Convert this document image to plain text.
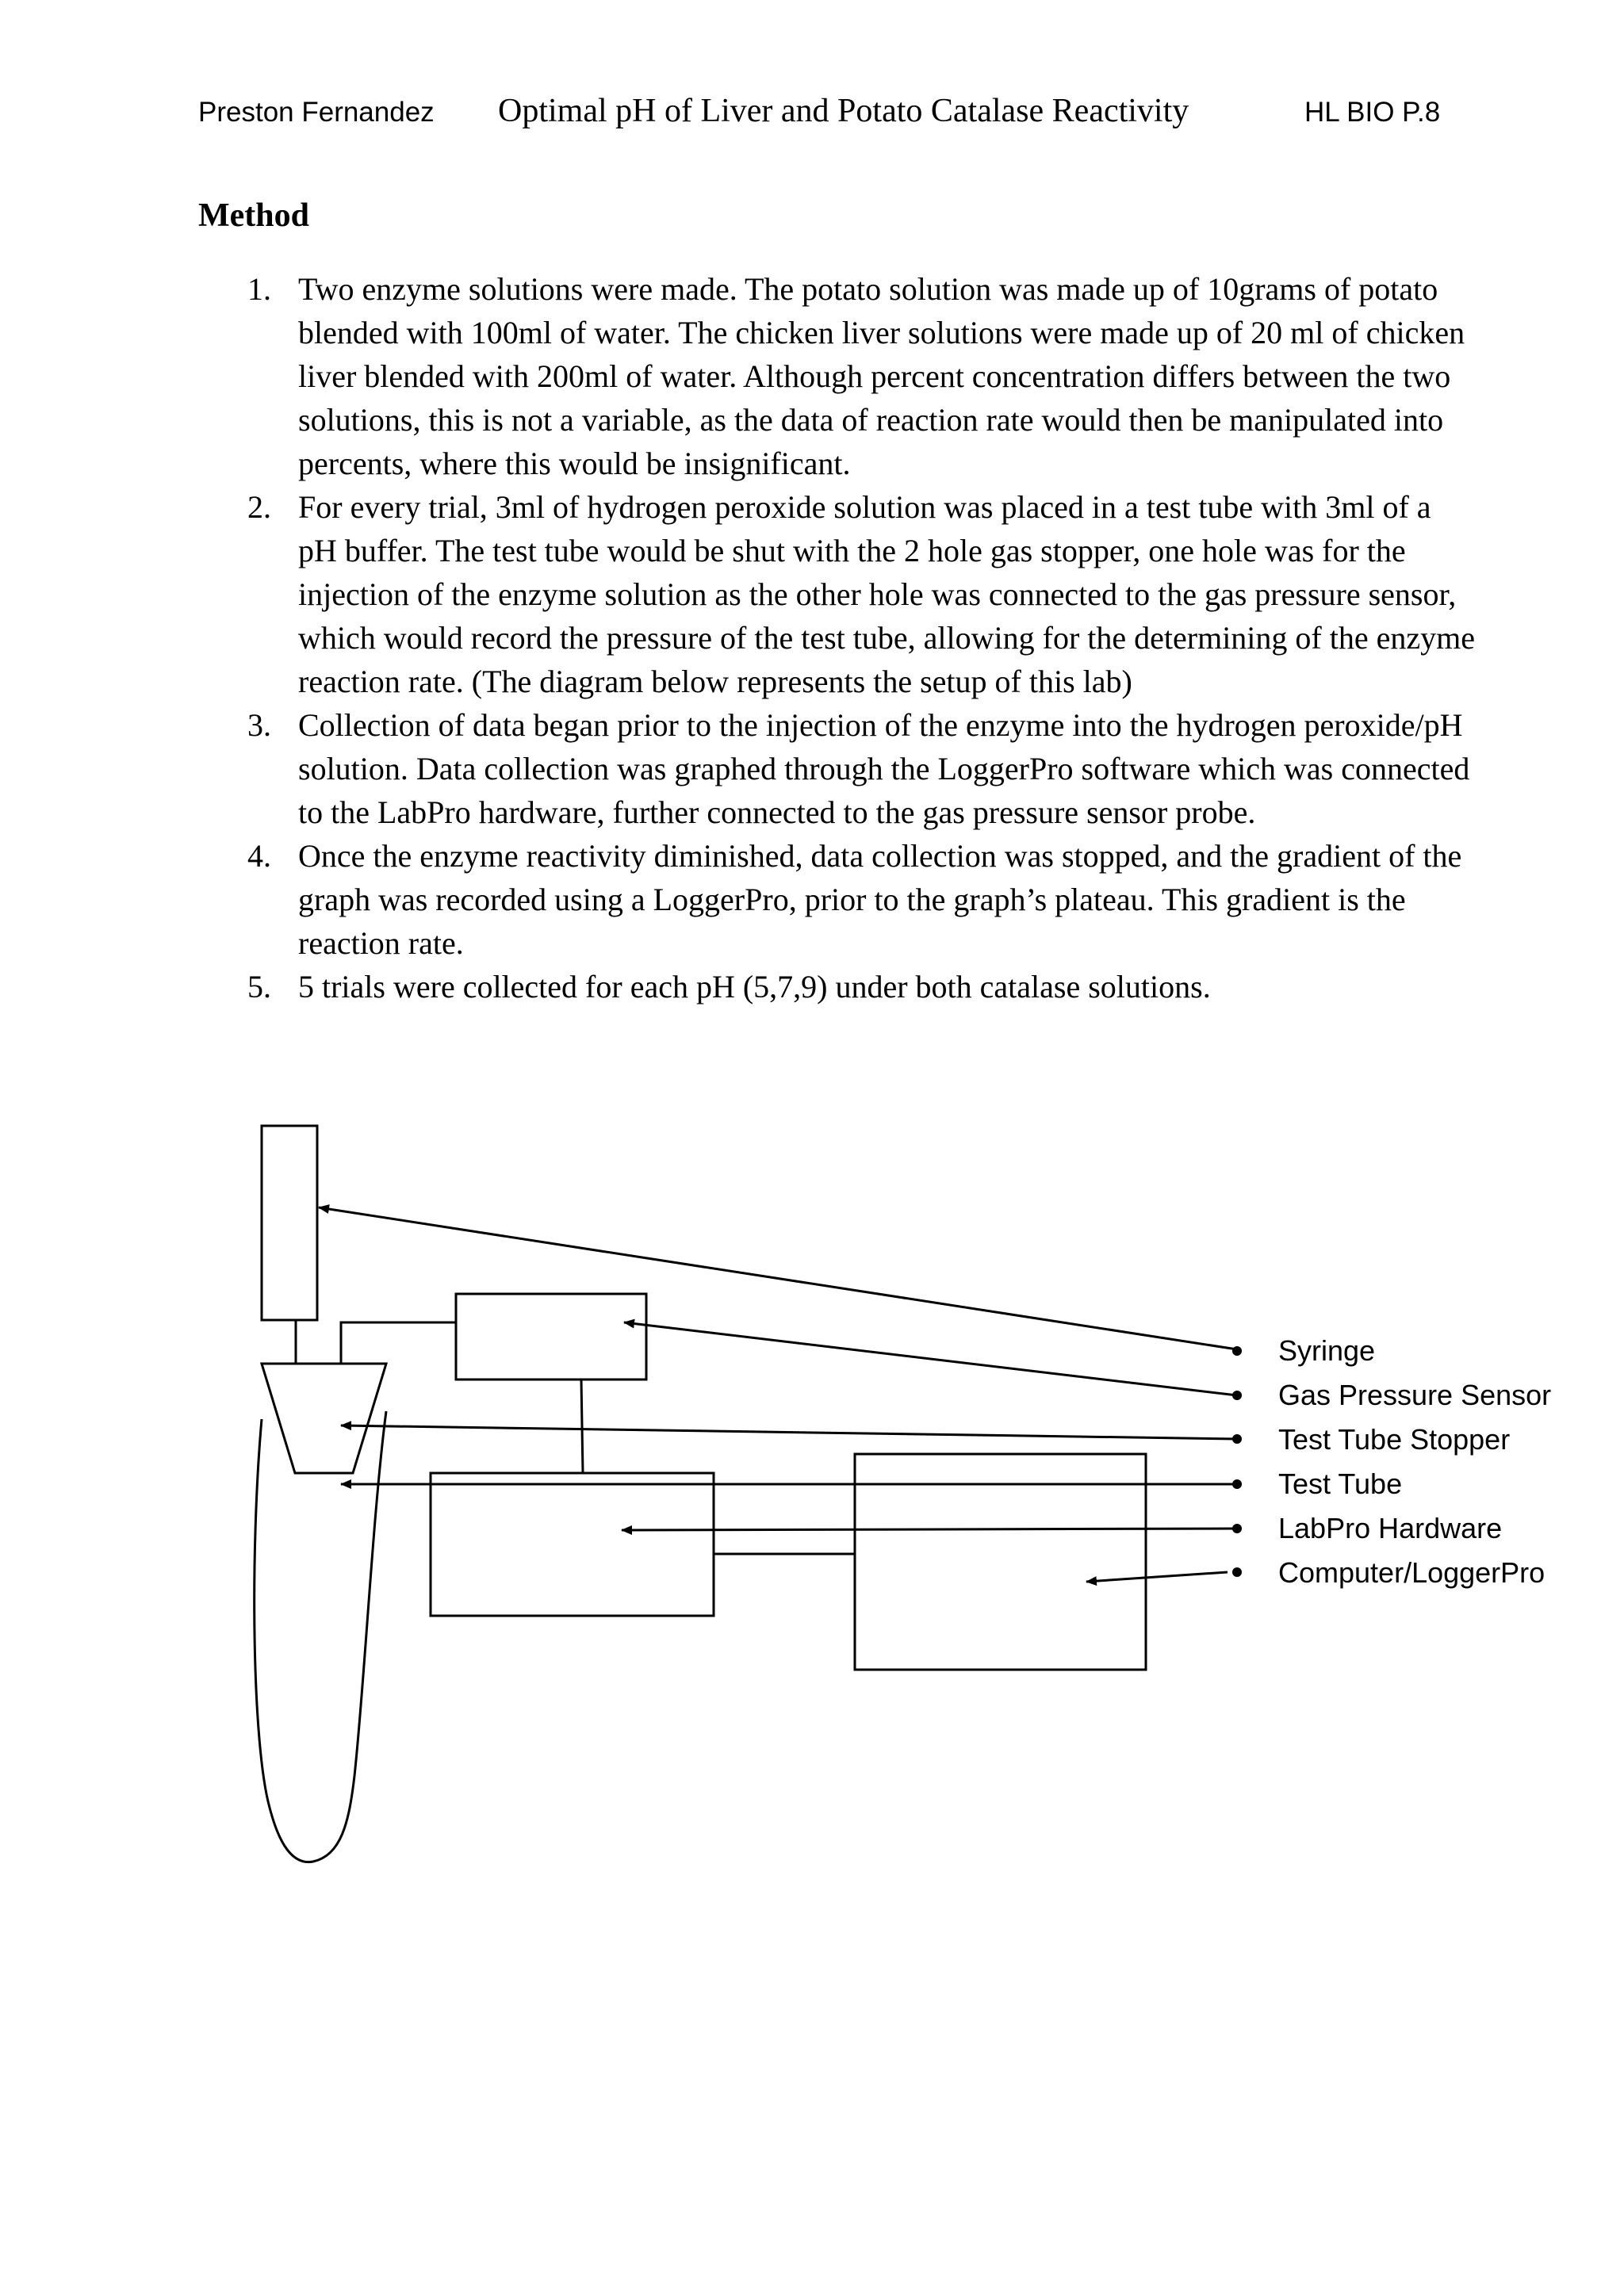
Preston Fernandez Optimal pH of Liver and Potato Catalase Reactivity	HL BIO P.8
Method
1. Two enzyme solutions were made. The potato solution was made up of 10grams of potato blended with 100ml of water. The chicken liver solutions were made up of 20 ml of chicken liver blended with 200ml of water. Although percent concentration differs between the two solutions, this is not a variable, as the data of reaction rate would then be manipulated into percents, where this would be insignificant.
2. For every trial, 3ml of hydrogen peroxide solution was placed in a test tube with 3ml of a pH buffer. The test tube would be shut with the 2 hole gas stopper, one hole was for the injection of the enzyme solution as the other hole was connected to the gas pressure sensor, which would record the pressure of the test tube, allowing for the determining of the enzyme reaction rate. (The diagram below represents the setup of this lab)
3. Collection of data began prior to the injection of the enzyme into the hydrogen peroxide/pH solution. Data collection was graphed through the LoggerPro software which was connected to the LabPro hardware, further connected to the gas pressure sensor probe.
4. Once the enzyme reactivity diminished, data collection was stopped, and the gradient of the graph was recorded using a LoggerPro, prior to the graph’s plateau. This gradient is the reaction rate.
5. 5 trials were collected for each pH (5,7,9) under both catalase solutions.
Syringe
Gas Pressure Sensor
Test Tube Stopper
Test Tube
LabPro Hardware
Computer/LoggerPro
